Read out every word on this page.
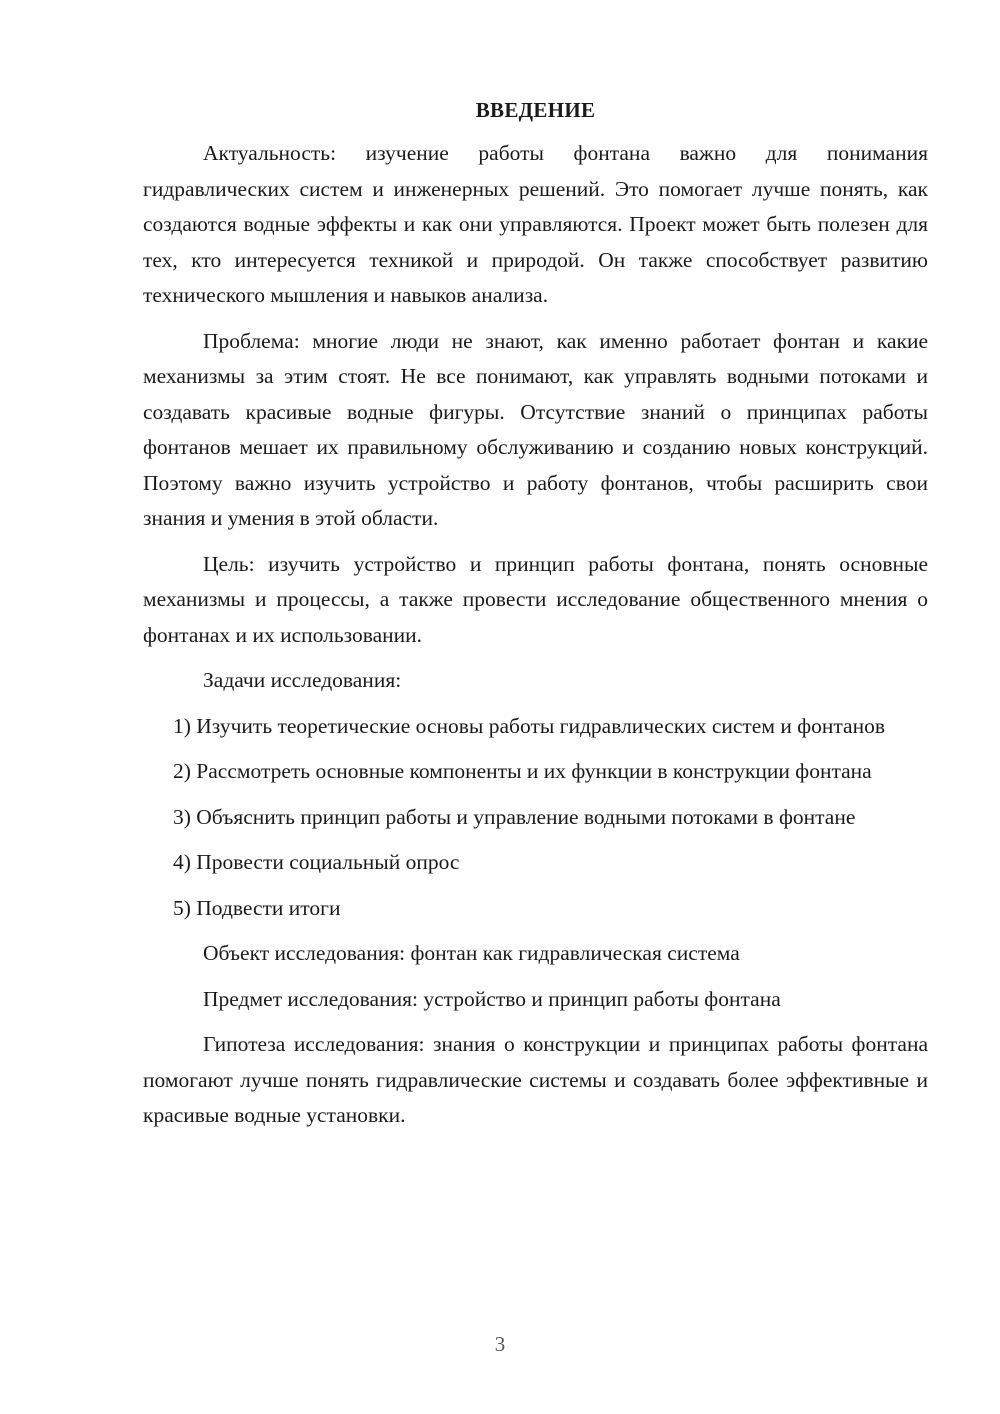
ВВЕДЕНИЕ

Актуальность: изучение работы фонтана важно для понимания гидравлических систем и инженерных решений. Это помогает лучше понять, как создаются водные эффекты и как они управляются. Проект может быть полезен для тех, кто интересуется техникой и природой. Он также способствует развитию технического мышления и навыков анализа.

Проблема: многие люди не знают, как именно работает фонтан и какие механизмы за этим стоят. Не все понимают, как управлять водными потоками и создавать красивые водные фигуры. Отсутствие знаний о принципах работы фонтанов мешает их правильному обслуживанию и созданию новых конструкций. Поэтому важно изучить устройство и работу фонтанов, чтобы расширить свои знания и умения в этой области.

Цель: изучить устройство и принцип работы фонтана, понять основные механизмы и процессы, а также провести исследование общественного мнения о фонтанах и их использовании.

Задачи исследования:

1) Изучить теоретические основы работы гидравлических систем и фонтанов

2) Рассмотреть основные компоненты и их функции в конструкции фонтана

3) Объяснить принцип работы и управление водными потоками в фонтане

4) Провести социальный опрос

5) Подвести итоги

Объект исследования: фонтан как гидравлическая система

Предмет исследования: устройство и принцип работы фонтана

Гипотеза исследования: знания о конструкции и принципах работы фонтана помогают лучше понять гидравлические системы и создавать более эффективные и красивые водные установки.

3
